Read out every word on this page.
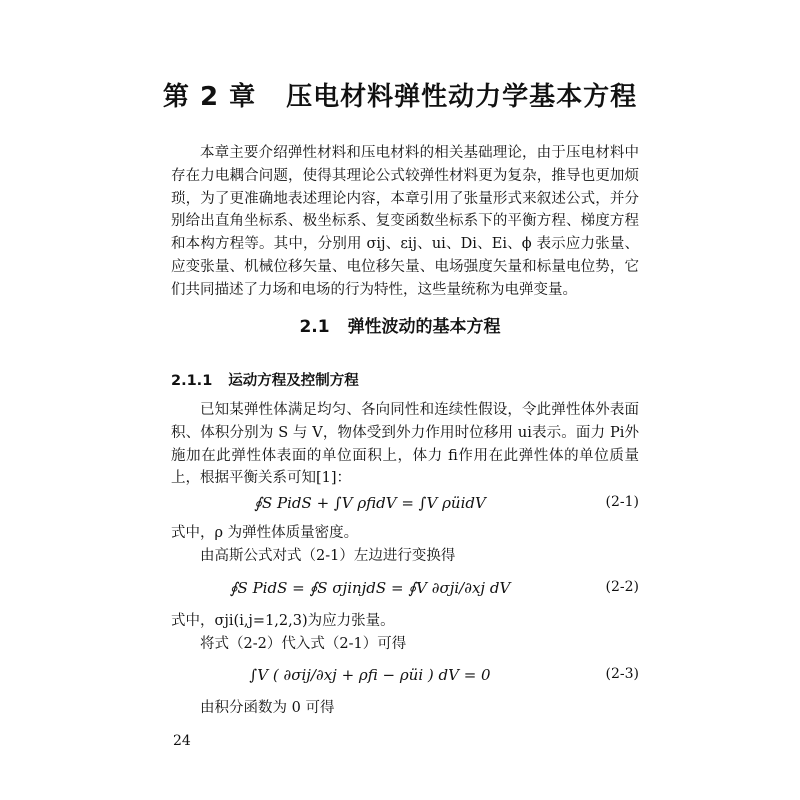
第 2 章 压电材料弹性动力学基本方程
本章主要介绍弹性材料和压电材料的相关基础理论，由于压电材料中存在力电耦合问题，使得其理论公式较弹性材料更为复杂，推导也更加烦琐，为了更准确地表述理论内容，本章引用了张量形式来叙述公式，并分别给出直角坐标系、极坐标系、复变函数坐标系下的平衡方程、梯度方程和本构方程等。其中，分别用 σij、εij、ui、Di、Ei、ϕ 表示应力张量、应变张量、机械位移矢量、电位移矢量、电场强度矢量和标量电位势，它们共同描述了力场和电场的行为特性，这些量统称为电弹变量。
2.1 弹性波动的基本方程
2.1.1 运动方程及控制方程
已知某弹性体满足均匀、各向同性和连续性假设，令此弹性体外表面积、体积分别为 S 与 V，物体受到外力作用时位移用 ui表示。面力 Pi外施加在此弹性体表面的单位面积上，体力 fi作用在此弹性体的单位质量上，根据平衡关系可知[1]：
∮S PidS + ∫V ρfidV = ∫V ρüidV	(2-1)
式中，ρ 为弹性体质量密度。
由高斯公式对式（2-1）左边进行变换得
∮S PidS = ∮S σjinjdS = ∮V ∂σji/∂xj dV	(2-2)
式中，σji(i,j=1,2,3)为应力张量。
将式（2-2）代入式（2-1）可得
∫V ( ∂σij/∂xj + ρfi − ρüi ) dV = 0	(2-3)
由积分函数为 0 可得
24
